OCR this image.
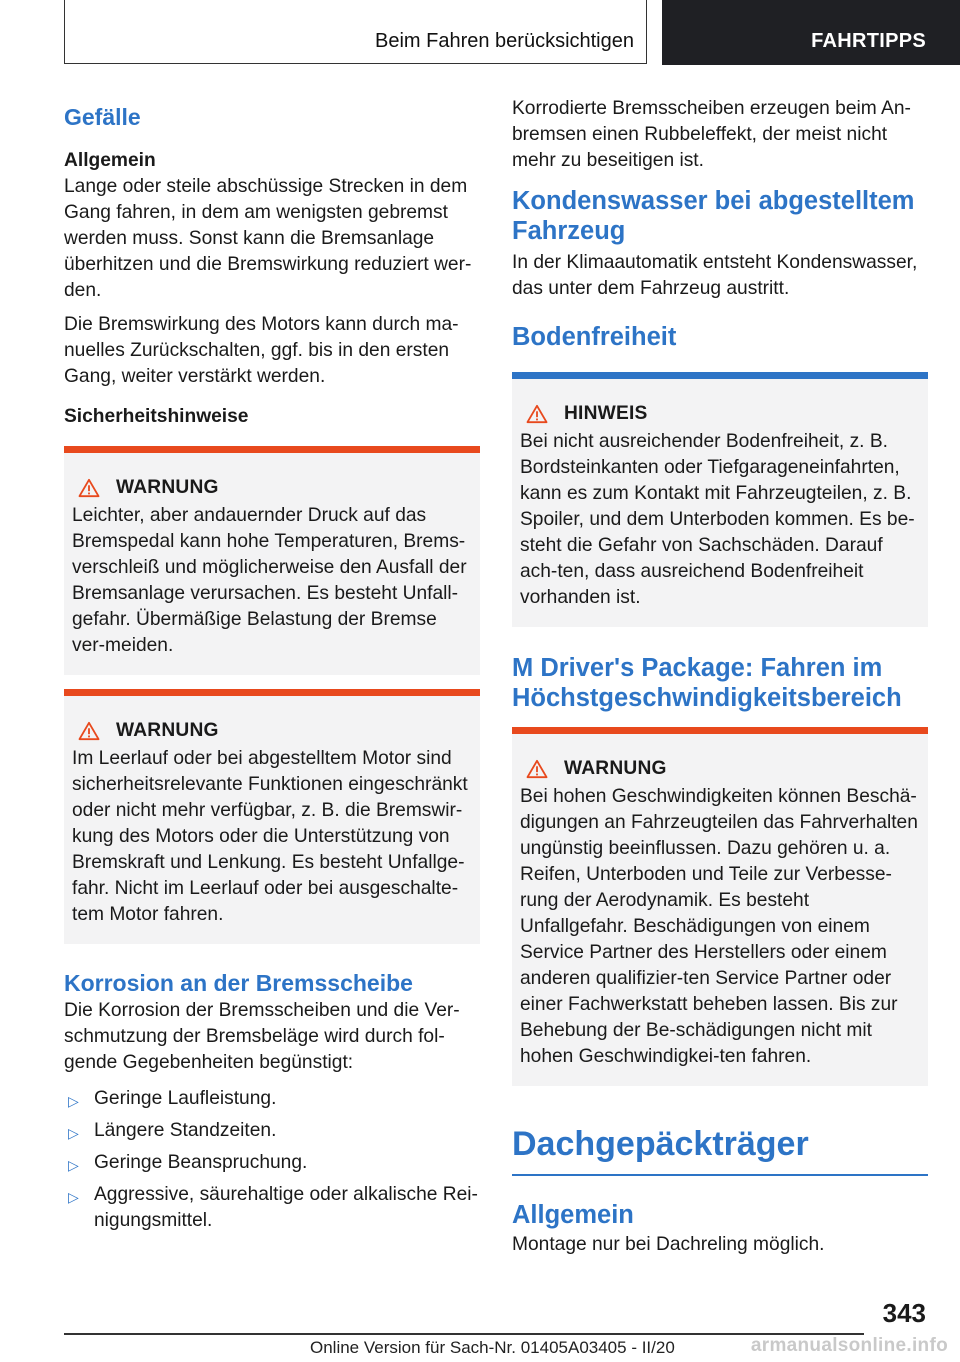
Beim Fahren berücksichtigen	FAHRTIPPS
Gefälle
Allgemein

Lange oder steile abschüssige Strecken in dem Gang fahren, in dem am wenigsten gebremst werden muss. Sonst kann die Bremsanlage überhitzen und die Bremswirkung reduziert wer-den.

Die Bremswirkung des Motors kann durch ma-nuelles Zurückschalten, ggf. bis in den ersten Gang, weiter verstärkt werden.

Sicherheitshinweise
WARNUNG

Leichter, aber andauernder Druck auf das Bremspedal kann hohe Temperaturen, Brems-verschleiß und möglicherweise den Ausfall der Bremsanlage verursachen. Es besteht Unfall-gefahr. Übermäßige Belastung der Bremse ver-meiden.

WARNUNG

Im Leerlauf oder bei abgestelltem Motor sind sicherheitsrelevante Funktionen eingeschränkt oder nicht mehr verfügbar, z. B. die Bremswir-kung des Motors oder die Unterstützung von Bremskraft und Lenkung. Es besteht Unfallge-fahr. Nicht im Leerlauf oder bei ausgeschalte-tem Motor fahren.

Korrosion an der Bremsscheibe

Die Korrosion der Bremsscheiben und die Ver-schmutzung der Bremsbeläge wird durch fol-gende Gegebenheiten begünstigt:

▷ Geringe Laufleistung.
▷ Längere Standzeiten.
▷ Geringe Beanspruchung.
▷ Aggressive, säurehaltige oder alkalische Rei-nigungsmittel.

Korrodierte Bremsscheiben erzeugen beim An-bremsen einen Rubbeleffekt, der meist nicht mehr zu beseitigen ist.

Kondenswasser bei abgestelltem Fahrzeug

In der Klimaautomatik entsteht Kondenswasser, das unter dem Fahrzeug austritt.

Bodenfreiheit
HINWEIS

Bei nicht ausreichender Bodenfreiheit, z. B. Bordsteinkanten oder Tiefgarageneinfahrten, kann es zum Kontakt mit Fahrzeugteilen, z. B. Spoiler, und dem Unterboden kommen. Es be-steht die Gefahr von Sachschäden. Darauf ach-ten, dass ausreichend Bodenfreiheit vorhanden ist.

M Driver's Package: Fahren im Höchstgeschwindigkeitsbereich
WARNUNG

Bei hohen Geschwindigkeiten können Beschä-digungen an Fahrzeugteilen das Fahrverhalten ungünstig beeinflussen. Dazu gehören u. a. Reifen, Unterboden und Teile zur Verbesse-rung der Aerodynamik. Es besteht Unfallgefahr. Beschädigungen von einem Service Partner des Herstellers oder einem anderen qualifizier-ten Service Partner oder einer Fachwerkstatt beheben lassen. Bis zur Behebung der Be-schädigungen nicht mit hohen Geschwindigkei-ten fahren.

Dachgepäckträger
Allgemein

Montage nur bei Dachreling möglich.

343
Online Version für Sach-Nr. 01405A03405 - II/20	armanualsonline.info
